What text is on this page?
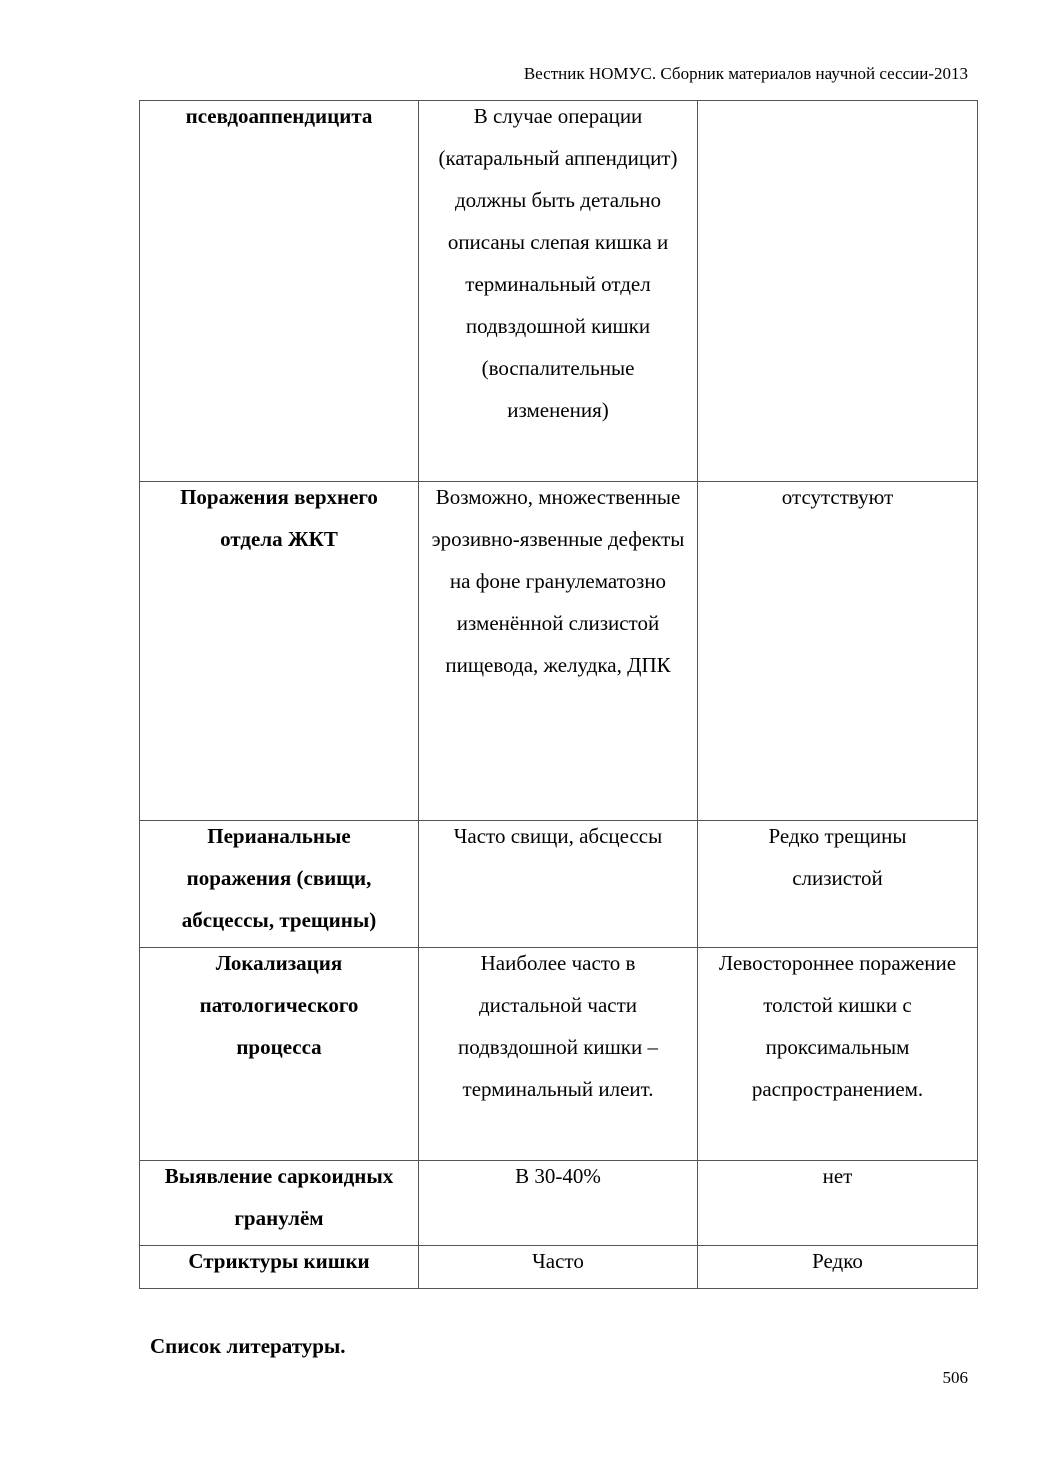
Вестник НОМУС. Сборник материалов научной сессии-2013
псевдоаппендицита	В случае операции (катаральный аппендицит) должны быть детально описаны слепая кишка и терминальный отдел подвздошной кишки (воспалительные изменения)	

Поражения верхнего отдела ЖКТ	Возможно, множественные эрозивно-язвенные дефекты на фоне гранулематозно изменённой слизистой пищевода, желудка, ДПК	отсутствуют

Перианальные поражения (свищи, абсцессы, трещины)	Часто свищи, абсцессы	Редко трещины слизистой

Локализация патологического процесса	Наиболее часто в дистальной части подвздошной кишки – терминальный илеит.	Левостороннее поражение толстой кишки с проксимальным распространением.

Выявление саркоидных гранулём	В 30-40%	нет

Стриктуры кишки	Часто	Редко
Список литературы.
506
